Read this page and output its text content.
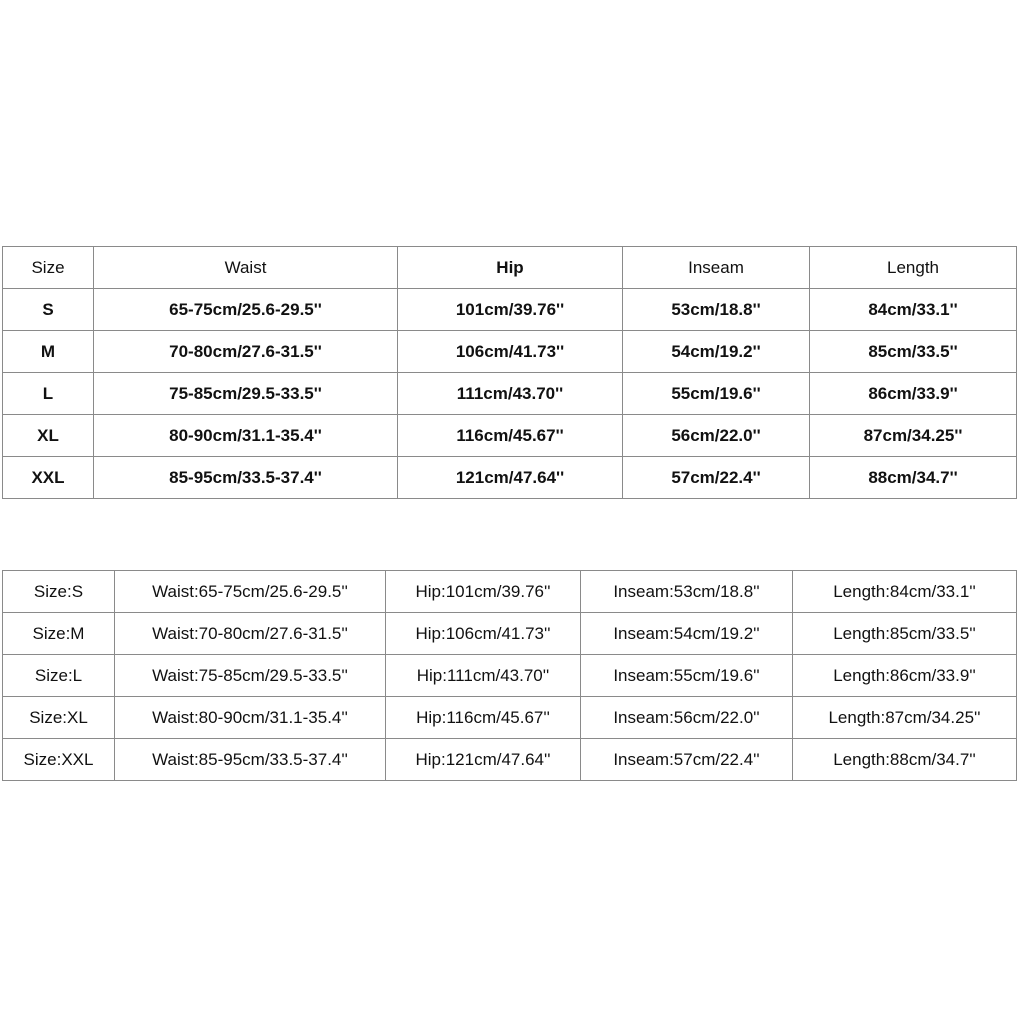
Size	Waist	Hip	Inseam	Length
S	65-75cm/25.6-29.5''	101cm/39.76''	53cm/18.8''	84cm/33.1''
M	70-80cm/27.6-31.5''	106cm/41.73''	54cm/19.2''	85cm/33.5''
L	75-85cm/29.5-33.5''	111cm/43.70''	55cm/19.6''	86cm/33.9''
XL	80-90cm/31.1-35.4''	116cm/45.67''	56cm/22.0''	87cm/34.25''
XXL	85-95cm/33.5-37.4''	121cm/47.64''	57cm/22.4''	88cm/34.7''
Size:S	Waist:65-75cm/25.6-29.5''	Hip:101cm/39.76''	Inseam:53cm/18.8''	Length:84cm/33.1''
Size:M	Waist:70-80cm/27.6-31.5''	Hip:106cm/41.73''	Inseam:54cm/19.2''	Length:85cm/33.5''
Size:L	Waist:75-85cm/29.5-33.5''	Hip:111cm/43.70''	Inseam:55cm/19.6''	Length:86cm/33.9''
Size:XL	Waist:80-90cm/31.1-35.4''	Hip:116cm/45.67''	Inseam:56cm/22.0''	Length:87cm/34.25''
Size:XXL	Waist:85-95cm/33.5-37.4''	Hip:121cm/47.64''	Inseam:57cm/22.4''	Length:88cm/34.7''
